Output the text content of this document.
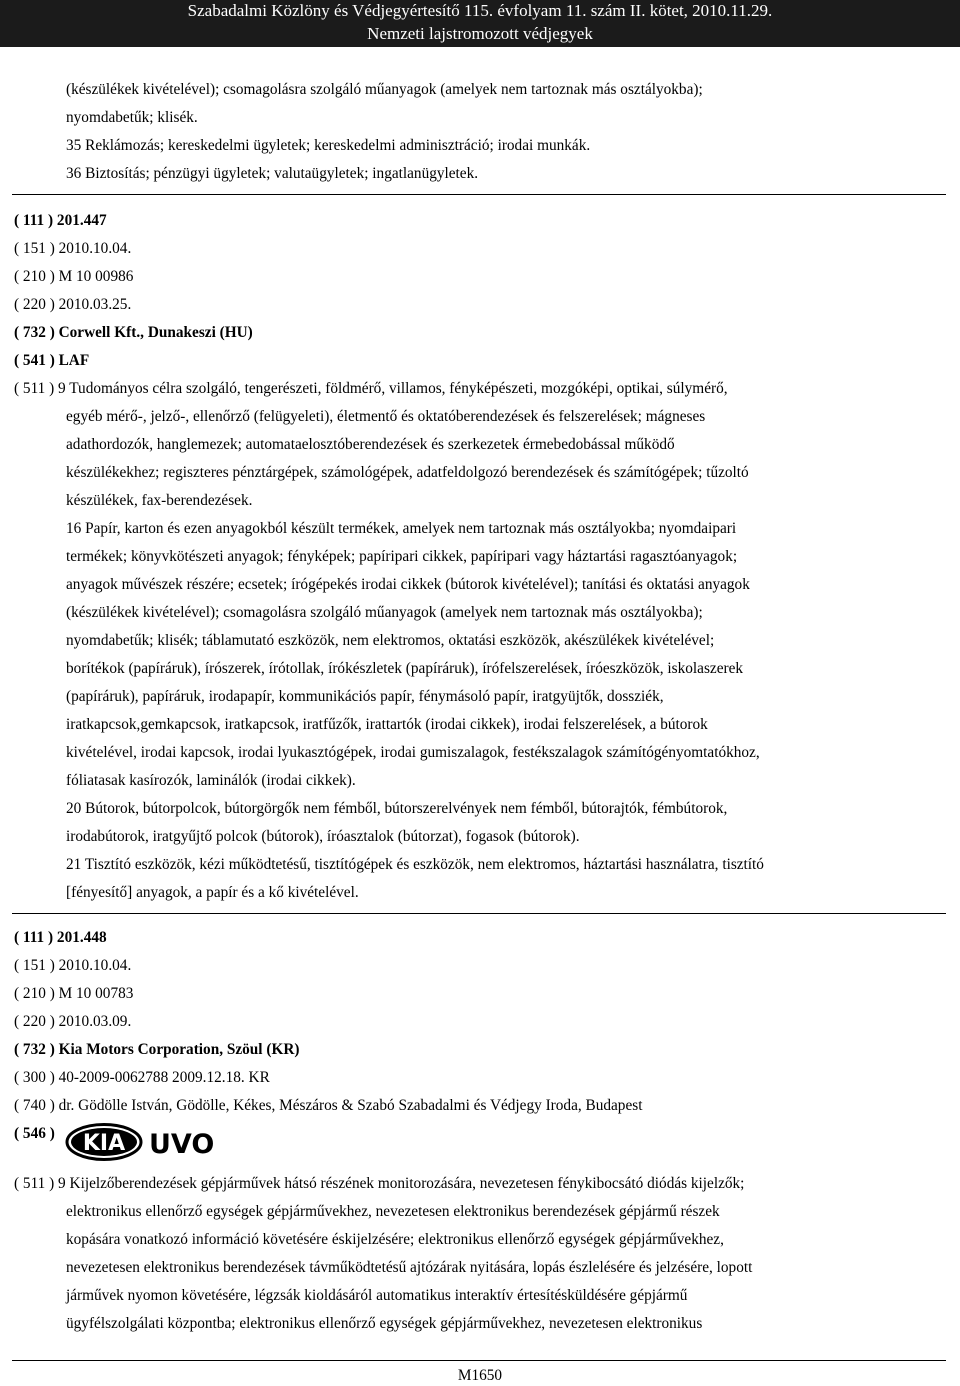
Szabadalmi Közlöny és Védjegyértesítő 115. évfolyam 11. szám II. kötet, 2010.11.29.
Nemzeti lajstromozott védjegyek
(készülékek kivételével); csomagolásra szolgáló műanyagok (amelyek nem tartoznak más osztályokba);
nyomdabetűk; klisék.
35 Reklámozás; kereskedelmi ügyletek; kereskedelmi adminisztráció; irodai munkák.
36 Biztosítás; pénzügyi ügyletek; valutaügyletek; ingatlanügyletek.
( 111 ) 201.447
( 151 ) 2010.10.04.
( 210 ) M 10 00986
( 220 ) 2010.03.25.
( 732 ) Corwell Kft., Dunakeszi (HU)
( 541 ) LAF
( 511 ) 9 Tudományos célra szolgáló, tengerészeti, földmérő, villamos, fényképészeti, mozgóképi, optikai, súlymérő,
egyéb mérő-, jelző-, ellenőrző (felügyeleti), életmentő és oktatóberendezések és felszerelések; mágneses
adathordozók, hanglemezek; automataelosztóberendezések és szerkezetek érmebedobással működő
készülékekhez; regiszteres pénztárgépek, számológépek, adatfeldolgozó berendezések és számítógépek; tűzoltó
készülékek, fax-berendezések.
16 Papír, karton és ezen anyagokból készült termékek, amelyek nem tartoznak más osztályokba; nyomdaipari
termékek; könyvkötészeti anyagok; fényképek; papíripari cikkek, papíripari vagy háztartási ragasztóanyagok;
anyagok művészek részére; ecsetek; írógépekés irodai cikkek (bútorok kivételével); tanítási és oktatási anyagok
(készülékek kivételével); csomagolásra szolgáló műanyagok (amelyek nem tartoznak más osztályokba);
nyomdabetűk; klisék; táblamutató eszközök, nem elektromos, oktatási eszközök, akészülékek kivételével;
borítékok (papíráruk), írószerek, írótollak, írókészletek (papíráruk), írófelszerelések, íróeszközök, iskolaszerek
(papíráruk), papíráruk, irodapapír, kommunikációs papír, fénymásoló papír, iratgyüjtők, dossziék,
iratkapcsok,gemkapcsok, iratkapcsok, iratfűzők, irattartók (irodai cikkek), irodai felszerelések, a bútorok
kivételével, irodai kapcsok, irodai lyukasztógépek, irodai gumiszalagok, festékszalagok számítógényomtatókhoz,
fóliatasak kasírozók, laminálók (irodai cikkek).
20 Bútorok, bútorpolcok, bútorgörgők nem fémből, bútorszerelvények nem fémből, bútorajtók, fémbútorok,
irodabútorok, iratgyűjtő polcok (bútorok), íróasztalok (bútorzat), fogasok (bútorok).
21 Tisztító eszközök, kézi működtetésű, tisztítógépek és eszközök, nem elektromos, háztartási használatra, tisztító
[fényesítő] anyagok, a papír és a kő kivételével.
( 111 ) 201.448
( 151 ) 2010.10.04.
( 210 ) M 10 00783
( 220 ) 2010.03.09.
( 732 ) Kia Motors Corporation, Szöul (KR)
( 300 ) 40-2009-0062788 2009.12.18. KR
( 740 ) dr. Gödölle István, Gödölle, Kékes, Mészáros & Szabó Szabadalmi és Védjegy Iroda, Budapest
( 546 ) KIA UVO
( 511 ) 9 Kijelzőberendezések gépjárművek hátsó részének monitorozására, nevezetesen fénykibocsátó diódás kijelzők;
elektronikus ellenőrző egységek gépjárművekhez, nevezetesen elektronikus berendezések gépjármű részek
kopására vonatkozó információ követésére éskijelzésére; elektronikus ellenőrző egységek gépjárművekhez,
nevezetesen elektronikus berendezések távműködtetésű ajtózárak nyitására, lopás észlelésére és jelzésére, lopott
járművek nyomon követésére, légzsák kioldásáról automatikus interaktív értesítésküldésére gépjármű
ügyfélszolgálati központba; elektronikus ellenőrző egységek gépjárművekhez, nevezetesen elektronikus
M1650
